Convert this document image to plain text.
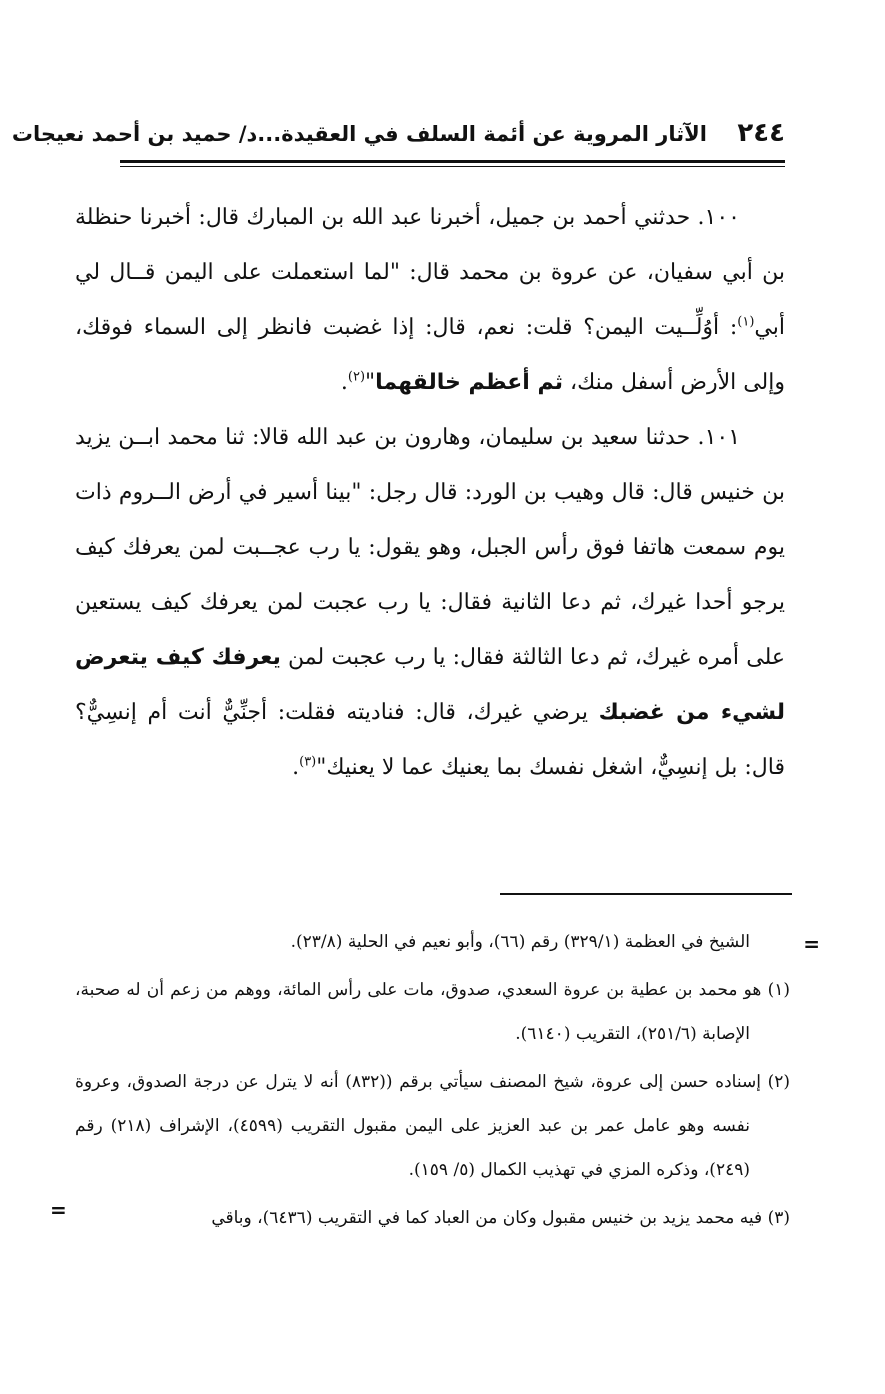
٢٤٤
الآثار المروية عن أئمة السلف في العقيدة...د/ حميد بن أحمد نعيجات

١٠٠. حدثني أحمد بن جميل، أخبرنا عبد الله بن المبارك قال: أخبرنا حنظلة بن أبي سفيان، عن عروة بن محمد قال: "لما استعملت على اليمن قــال لي أبي$^{(١)}$: أوُلِّــيت اليمن؟ قلت: نعم، قال: إذا غضبت فانظر إلى السماء فوقك، وإلى الأرض أسفل منك، ثم أعظم خالقهما"$^{(٢)}$.

١٠١. حدثنا سعيد بن سليمان، وهارون بن عبد الله قالا: ثنا محمد ابــن يزيد بن خنيس قال: قال وهيب بن الورد: قال رجل: "بينا أسير في أرض الــروم ذات يوم سمعت هاتفا فوق رأس الجبل، وهو يقول: يا رب عجــبت لمن يعرفك كيف يرجو أحدا غيرك، ثم دعا الثانية فقال: يا رب عجبت لمن يعرفك كيف يستعين على أمره غيرك، ثم دعا الثالثة فقال: يا رب عجبت لمن يعرفك كيف يتعرض لشيء من غضبك يرضي غيرك، قال: فناديته فقلت: أجنِّيٌّ أنت أم إنسِيٌّ؟ قال: بل إنسِيٌّ، اشغل نفسك بما يعنيك عما لا يعنيك"$^{(٣)}$.

=
الشيخ في العظمة (٣٢٩/١) رقم (٦٦)، وأبو نعيم في الحلية (٢٣/٨).
(١) هو محمد بن عطية بن عروة السعدي، صدوق، مات على رأس المائة، ووهم من زعم أن له صحبة، الإصابة (٢٥١/٦)، التقريب (٦١٤٠).
(٢) إسناده حسن إلى عروة، شيخ المصنف سيأتي برقم ((٨٣٢) أنه لا يترل عن درجة الصدوق، وعروة نفسه وهو عامل عمر بن عبد العزيز على اليمن مقبول التقريب (٤٥٩٩)، الإشراف (٢١٨) رقم (٢٤٩)، وذكره المزي في تهذيب الكمال (٥/ ١٥٩).
(٣) فيه محمد يزيد بن خنيس مقبول وكان من العباد كما في التقريب (٦٤٣٦)، وباقي
=
